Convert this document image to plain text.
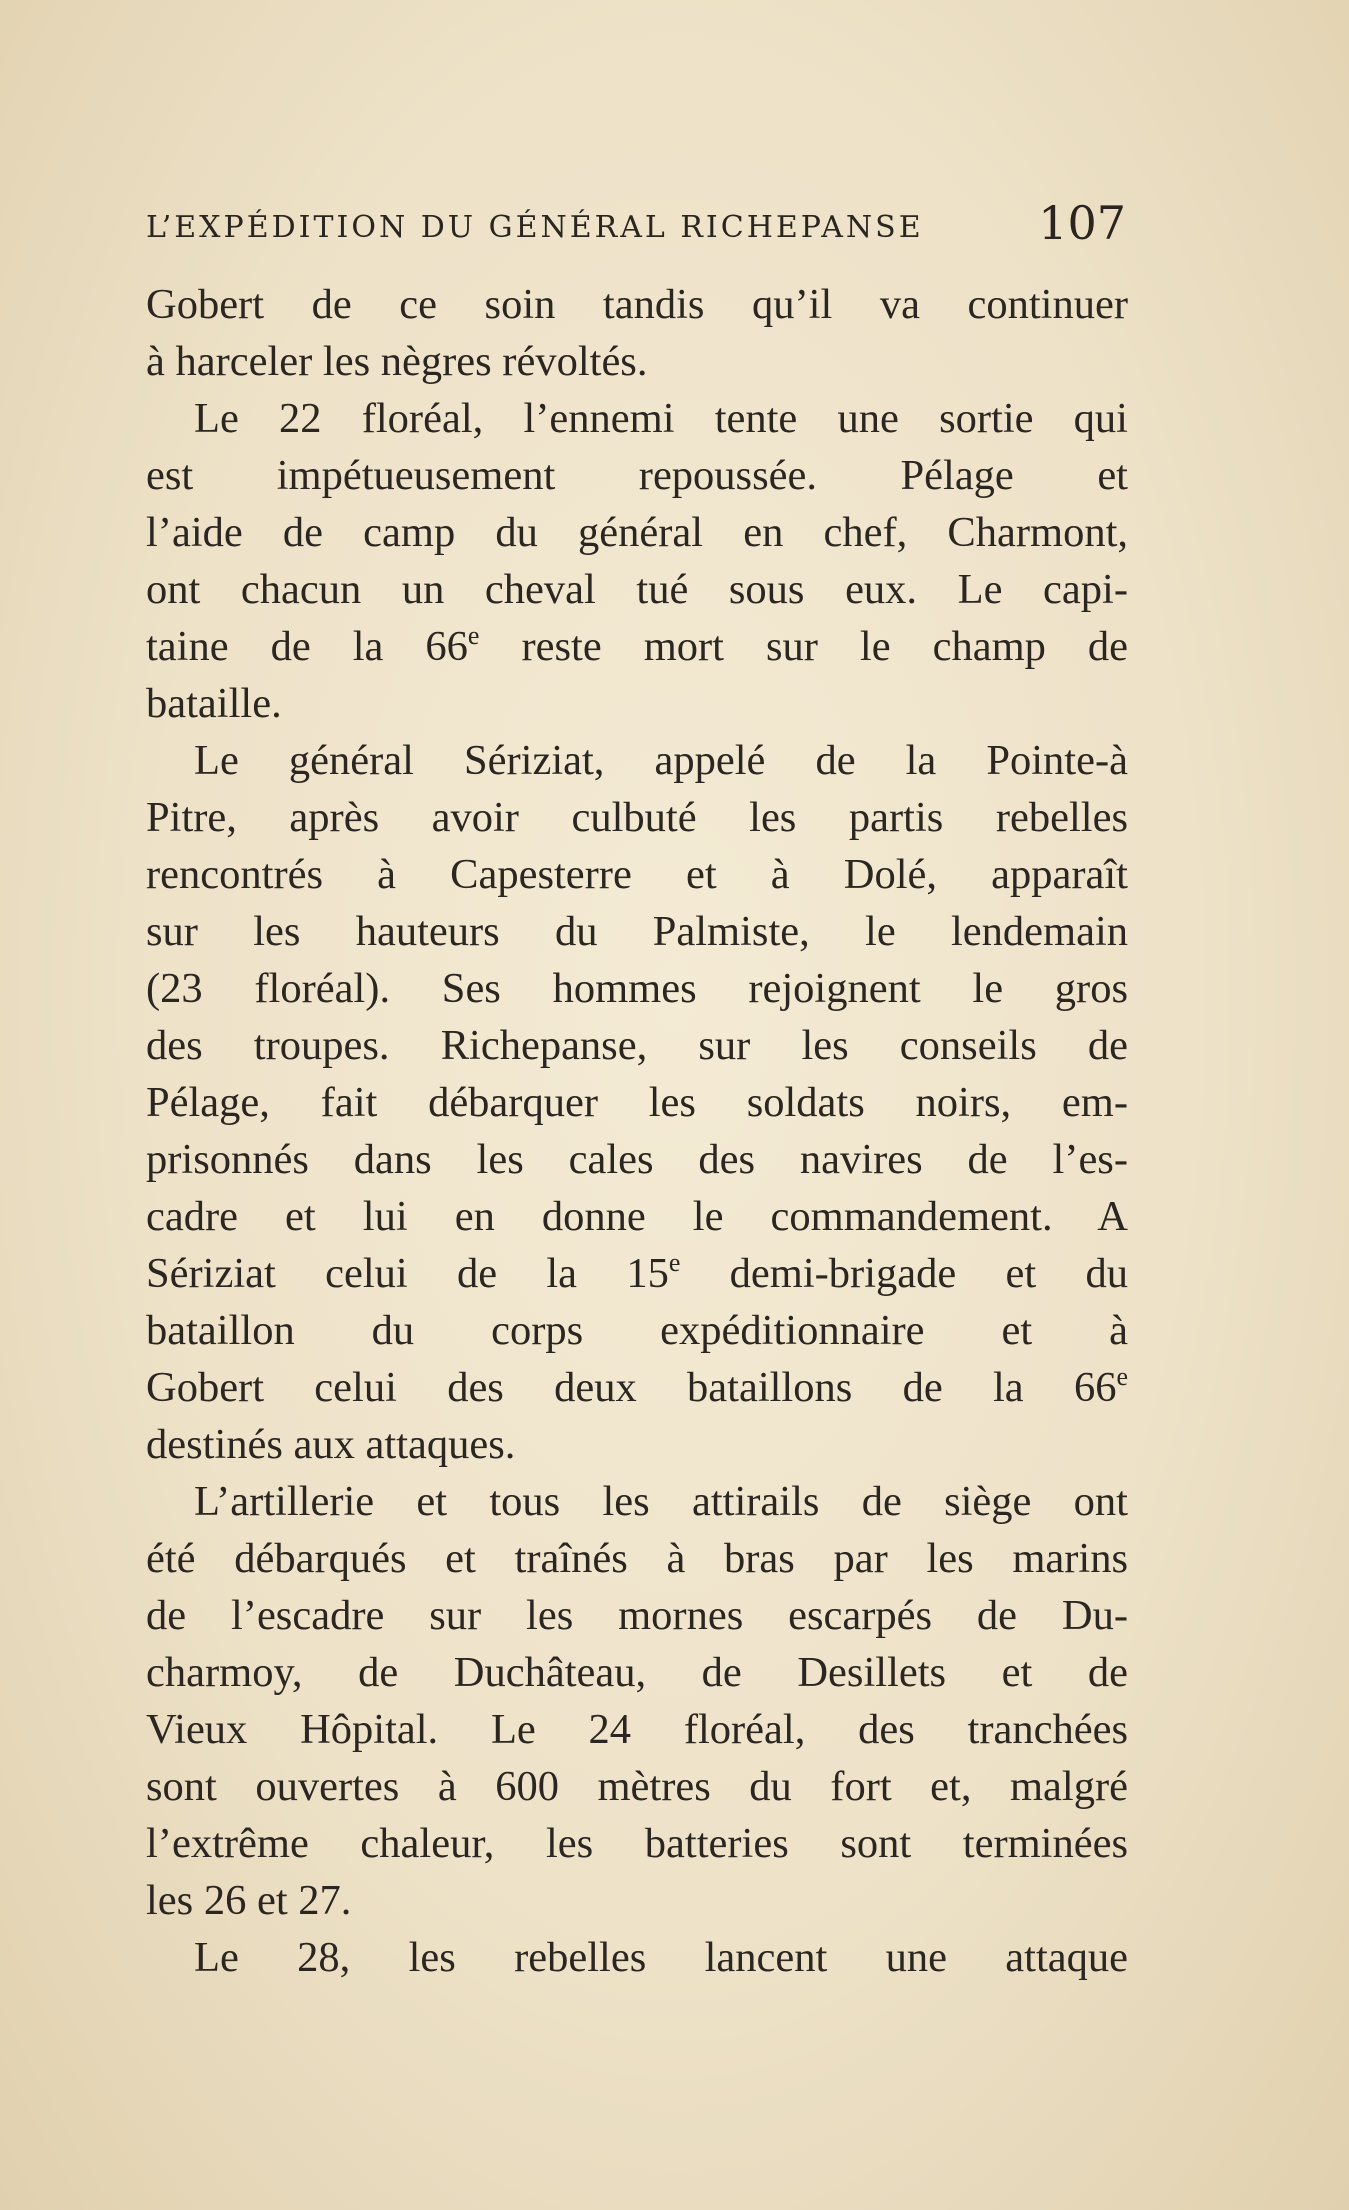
L’EXPÉDITION DU GÉNÉRAL RICHEPANSE 107
Gobert de ce soin tandis qu’il va continuer
à harceler les nègres révoltés.
Le 22 floréal, l’ennemi tente une sortie qui
est impétueusement repoussée. Pélage et
l’aide de camp du général en chef, Charmont,
ont chacun un cheval tué sous eux. Le capi-
taine de la 66e reste mort sur le champ de
bataille.
Le général Sériziat, appelé de la Pointe-à
Pitre, après avoir culbuté les partis rebelles
rencontrés à Capesterre et à Dolé, apparaît
sur les hauteurs du Palmiste, le lendemain
(23 floréal). Ses hommes rejoignent le gros
des troupes. Richepanse, sur les conseils de
Pélage, fait débarquer les soldats noirs, em-
prisonnés dans les cales des navires de l’es-
cadre et lui en donne le commandement. A
Sériziat celui de la 15e demi-brigade et du
bataillon du corps expéditionnaire et à
Gobert celui des deux bataillons de la 66e
destinés aux attaques.
L’artillerie et tous les attirails de siège ont
été débarqués et traînés à bras par les marins
de l’escadre sur les mornes escarpés de Du-
charmoy, de Duchâteau, de Desillets et de
Vieux Hôpital. Le 24 floréal, des tranchées
sont ouvertes à 600 mètres du fort et, malgré
l’extrême chaleur, les batteries sont terminées
les 26 et 27.
Le 28, les rebelles lancent une attaque
